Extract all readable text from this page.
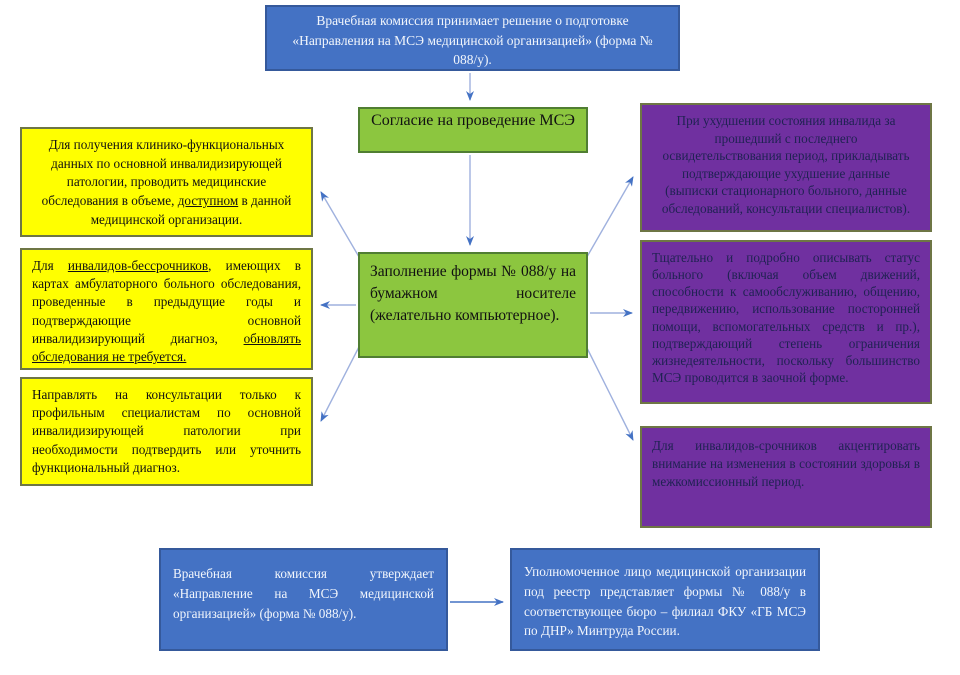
Врачебная комиссия принимает решение о подготовке «Направления на МСЭ медицинской организацией» (форма № 088/у).
Согласие на проведение МСЭ
Заполнение формы № 088/у на бумажном носителе (желательно компьютерное).
Для получения клинико-функциональных данных по основной инвалидизирующей патологии, проводить медицинские обследования в объеме, доступном в данной медицинской организации.
Для инвалидов-бессрочников, имеющих в картах амбулаторного больного обследования, проведенные в предыдущие годы и подтверждающие основной инвалидизирующий диагноз, обновлять обследования не требуется.
Направлять на консультации только к профильным специалистам по основной инвалидизирующей патологии при необходимости подтвердить или уточнить функциональный диагноз.
При ухудшении состояния инвалида за прошедший с последнего освидетельствования период, прикладывать подтверждающие ухудшение данные (выписки стационарного больного, данные обследований, консультации специалистов).
Тщательно и подробно описывать статус больного (включая объем движений, способности к самообслуживанию, общению, передвижению, использование посторонней помощи, вспомогательных средств и пр.), подтверждающий степень ограничения жизнедеятельности, поскольку большинство МСЭ проводится в заочной форме.
Для инвалидов-срочников акцентировать внимание на изменения в состоянии здоровья в межкомиссионный период.
Врачебная комиссия утверждает «Направление на МСЭ медицинской организацией» (форма № 088/у).
Уполномоченное лицо медицинской организации под реестр представляет формы № 088/у в соответствующее бюро – филиал ФКУ «ГБ МСЭ по ДНР» Минтруда России.
